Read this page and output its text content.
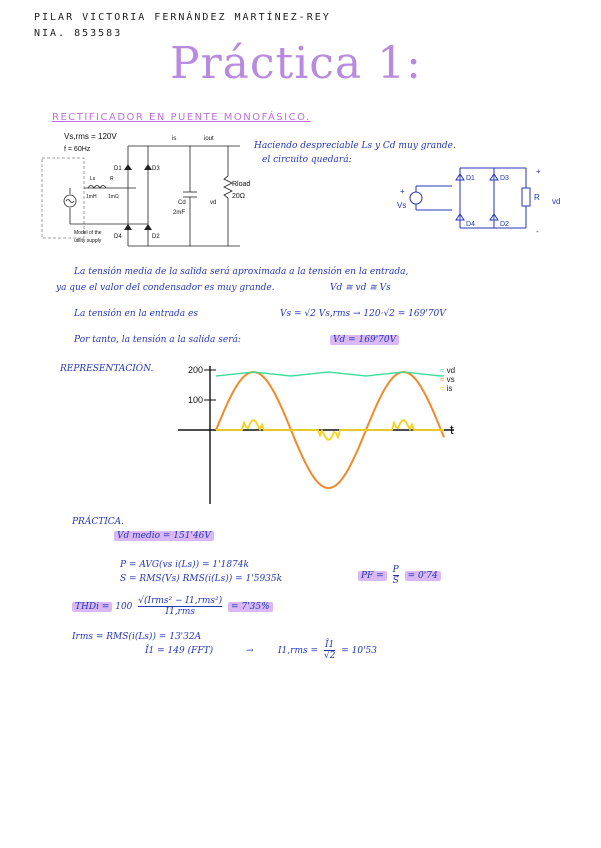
PILAR VICTORIA FERNÁNDEZ MARTÍNEZ-REY
NIA. 853583
Práctica 1:
RECTIFICADOR EN PUENTE MONOFÁSICO.
Vs,rms = 120V
f = 60Hz
is	iout
D1	D3
D4	D2
Ls
1mH
R
1mΩ
Cd
2mF
vd
Rload
20Ω
Model of the
utility supply
Haciendo despreciable Ls y Cd muy grande.
el circuito quedará:
D1	D3
D4	D2
R vd
Vs
+
+
-
La tensión media de la salida será aproximada a la tensión en la entrada,
ya que el valor del condensador es muy grande.	Vd ≅ vd ≅ Vs
La tensión en la entrada es	Vs = √2 Vs,rms → 120·√2 = 169'70V
Por tanto, la tensión a la salida será:	Vd = 169'70V
REPRESENTACIÓN.	200
100
t
≈ vd
≈ vs
≈ is
PRÁCTICA.
Vd medio = 151'46V
P = AVG(vs i(Ls)) = 1'1874k
S = RMS(Vs) RMS(i(Ls)) = 1'5935k	PF = $\frac{P}{S} = 0'74$
THDi = 100
√(Irms² − I1,rms²)
I1,rms	= 7'35%
Irms = RMS(i(Ls)) = 13'32A
Î1 = 149 (FFT)	→	$I1,rms = \frac{Î1}{√2} = 10'53$
